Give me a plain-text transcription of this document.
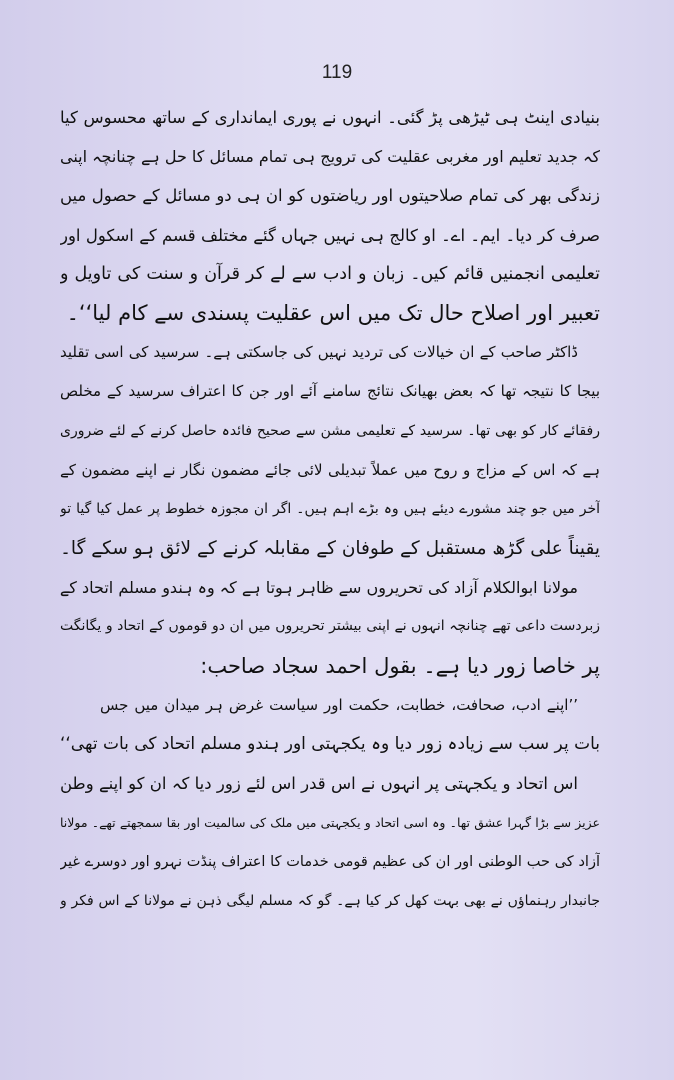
119
بنیادی اینٹ ہی ٹیڑھی پڑ گئی۔ انہوں نے پوری ایمانداری کے ساتھ محسوس کیا
کہ جدید تعلیم اور مغربی عقلیت کی ترویج ہی تمام مسائل کا حل ہے چنانچہ اپنی
زندگی بھر کی تمام صلاحیتوں اور ریاضتوں کو ان ہی دو مسائل کے حصول میں
صرف کر دیا۔ ایم۔ اے۔ او کالج ہی نہیں جہاں گئے مختلف قسم کے اسکول اور
تعلیمی انجمنیں قائم کیں۔ زبان و ادب سے لے کر قرآن و سنت کی تاویل و
تعبیر اور اصلاح حال تک میں اس عقلیت پسندی سے کام لیا‘‘۔
ڈاکٹر صاحب کے ان خیالات کی تردید نہیں کی جاسکتی ہے۔ سرسید کی اسی تقلید
بیجا کا نتیجہ تھا کہ بعض بھیانک نتائج سامنے آئے اور جن کا اعتراف سرسید کے مخلص
رفقائے کار کو بھی تھا۔ سرسید کے تعلیمی مشن سے صحیح فائدہ حاصل کرنے کے لئے ضروری
ہے کہ اس کے مزاج و روح میں عملاً تبدیلی لائی جائے مضمون نگار نے اپنے مضمون کے
آخر میں جو چند مشورے دیئے ہیں وہ بڑے اہم ہیں۔ اگر ان مجوزہ خطوط پر عمل کیا گیا تو
یقیناً علی گڑھ مستقبل کے طوفان کے مقابلہ کرنے کے لائق ہو سکے گا۔
مولانا ابوالکلام آزاد کی تحریروں سے ظاہر ہوتا ہے کہ وہ ہندو مسلم اتحاد کے
زبردست داعی تھے چنانچہ انہوں نے اپنی بیشتر تحریروں میں ان دو قوموں کے اتحاد و یگانگت
پر خاصا زور دیا ہے۔ بقول احمد سجاد صاحب:
’’اپنے ادب، صحافت، خطابت، حکمت اور سیاست غرض ہر میدان میں جس
بات پر سب سے زیادہ زور دیا وہ یکجہتی اور ہندو مسلم اتحاد کی بات تھی‘‘
اس اتحاد و یکجہتی پر انہوں نے اس قدر اس لئے زور دیا کہ ان کو اپنے وطن
عزیز سے بڑا گہرا عشق تھا۔ وہ اسی اتحاد و یکجہتی میں ملک کی سالمیت اور بقا سمجھتے تھے۔ مولانا
آزاد کی حب الوطنی اور ان کی عظیم قومی خدمات کا اعتراف پنڈت نہرو اور دوسرے غیر
جانبدار رہنماؤں نے بھی بہت کھل کر کیا ہے۔ گو کہ مسلم لیگی ذہن نے مولانا کے اس فکر و
